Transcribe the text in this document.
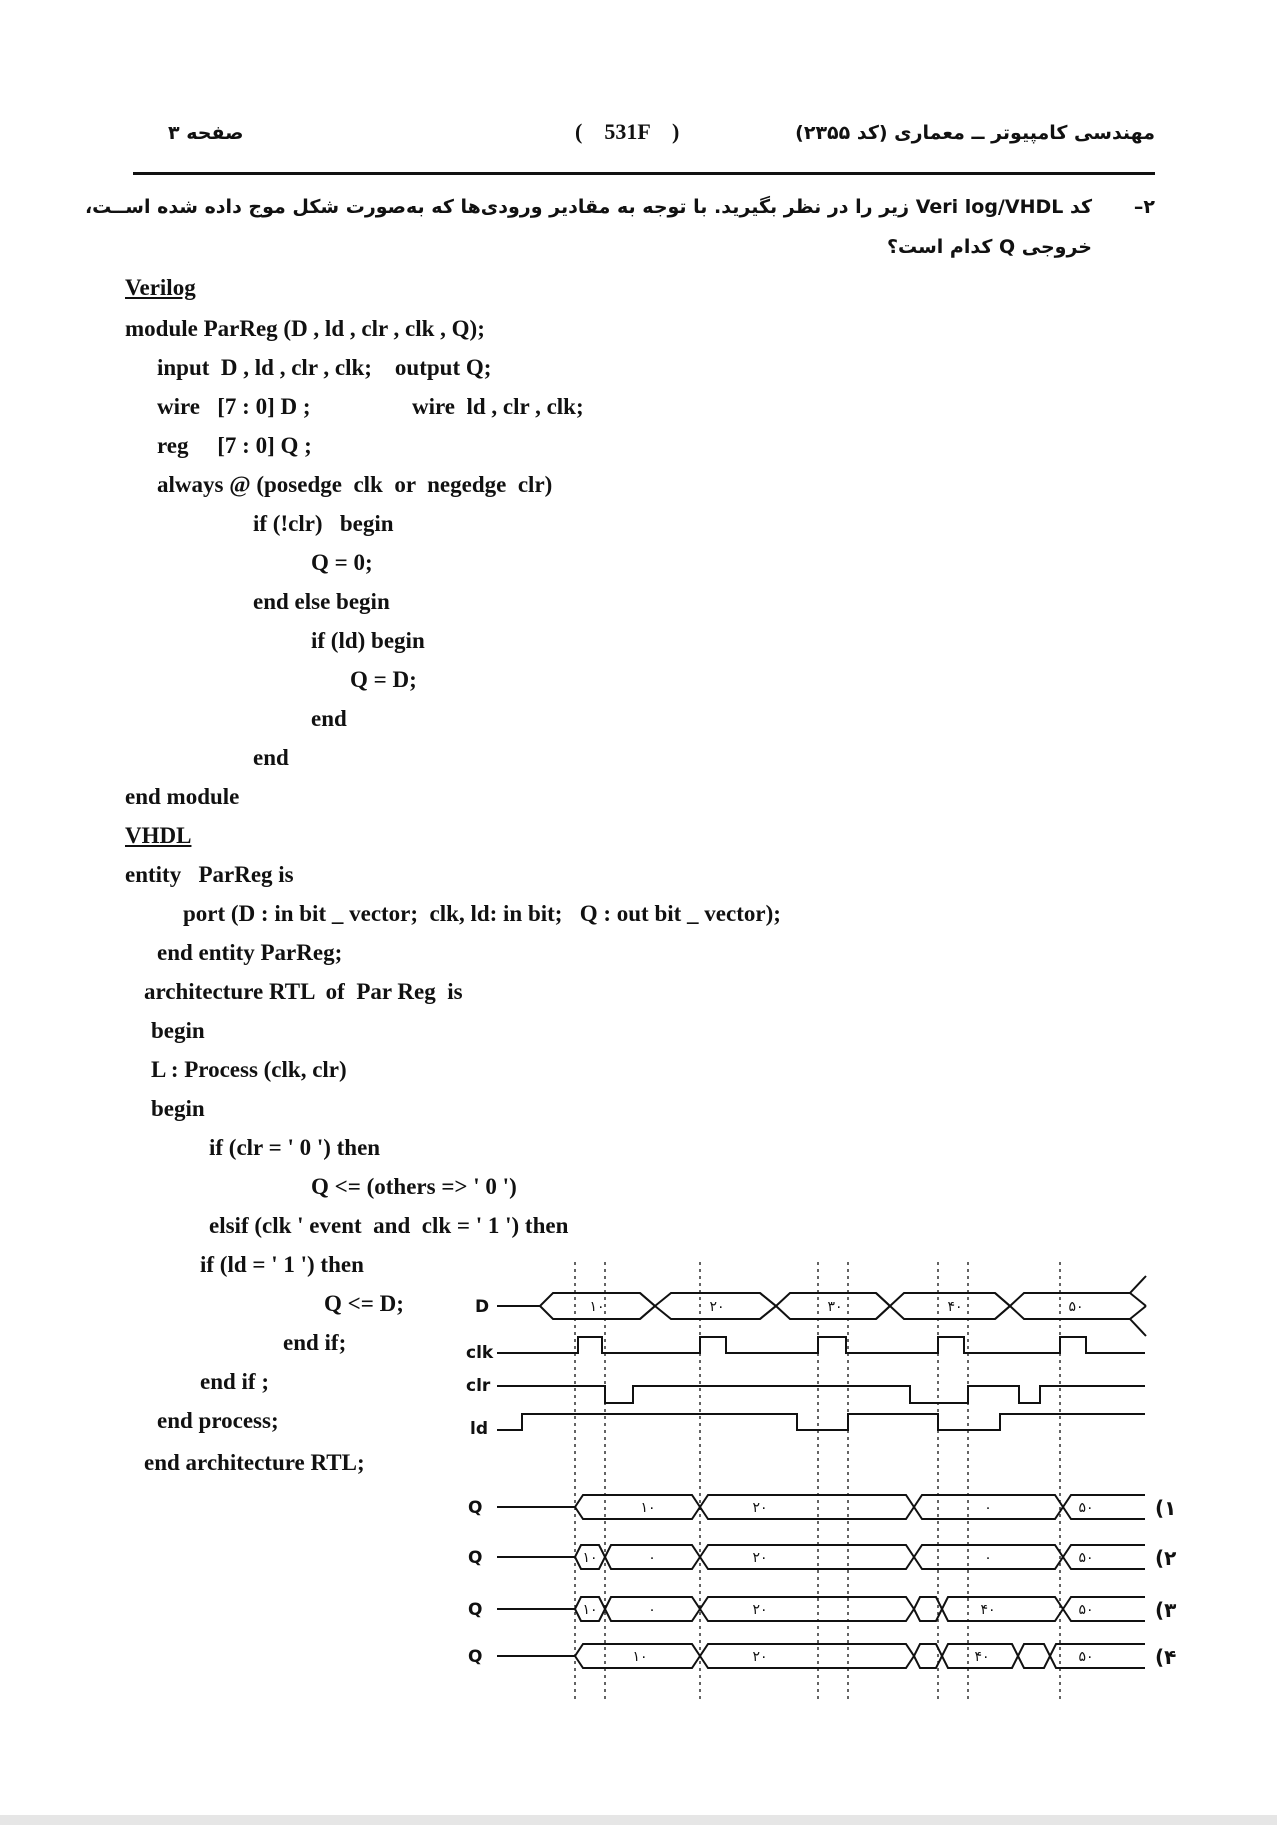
صفحه ۳	(    531F    )	مهندسی کامپیوتر ــ معماری (کد ۲۳۵۵)
۲–
کد Veri log/VHDL زیر را در نظر بگیرید. با توجه به مقادیر ورودی‌ها که به‌صورت شکل موج داده شده اســت،
خروجی Q کدام است؟
Verilog
module ParReg (D , ld , clr , clk , Q);
input  D , ld , clr , clk;    output Q;
wire   [7 : 0] D ;	wire  ld , clr , clk;
reg     [7 : 0] Q ;
always @ (posedge  clk  or  negedge  clr)
if (!clr)   begin
Q = 0;
end else begin
if (ld) begin
Q = D;
end
end
end module
VHDL
entity   ParReg is
port (D : in bit _ vector;  clk, ld: in bit;   Q : out bit _ vector);
end entity ParReg;
architecture RTL  of  Par Reg  is
begin
L : Process (clk, clr)
begin
if (clr = ' 0 ') then
Q <= (others => ' 0 ')
elsif (clk ' event  and  clk = ' 1 ') then
if (ld = ' 1 ') then
Q <= D;
end if;
end if ;
end process;
end architecture RTL;
D
clk
clr
ld
Q
Q
Q
Q
۱۰	۲۰	۳۰	۴۰	۵۰
۱۰	۲۰	۰	۵۰
۱۰	۰	۲۰	۰	۵۰
۱۰	۰	۲۰	۴۰	۵۰
۱۰	۲۰	۴۰	۵۰
(۱
(۲
(۳
(۴
